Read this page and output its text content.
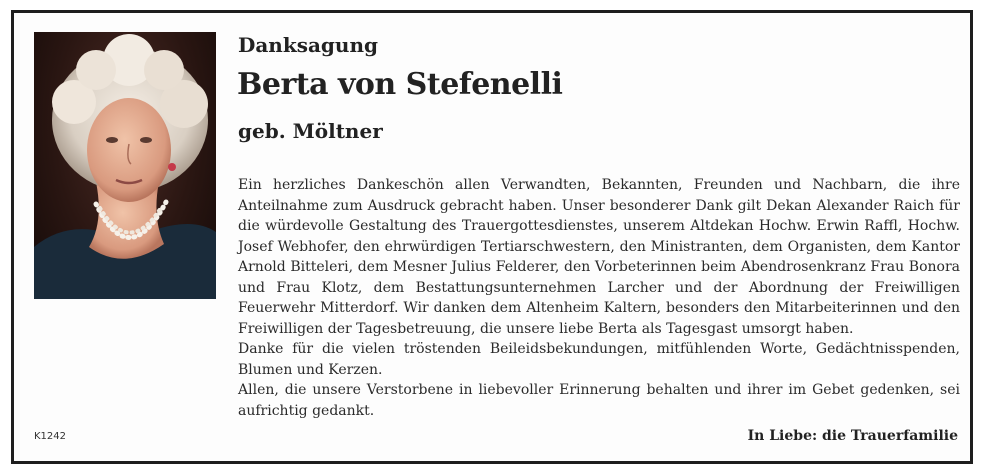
K1242
Danksagung
Berta von Stefenelli
geb. Möltner

Ein herzliches Dankeschön allen Verwandten, Bekannten, Freunden und Nachbarn, die ihre Anteilnahme zum Ausdruck gebracht haben. Unser besonderer Dank gilt Dekan Alexander Raich für die würdevolle Gestaltung des Trauergottesdienstes, unserem Altdekan Hochw. Erwin Raffl, Hochw. Josef Webhofer, den ehrwürdigen Tertiarschwestern, den Ministranten, dem Organisten, dem Kantor Arnold Bitteleri, dem Mesner Julius Felderer, den Vorbeterinnen beim Abendrosenkranz Frau Bonora und Frau Klotz, dem Bestattungsunternehmen Larcher und der Abordnung der Freiwilligen Feuerwehr Mitterdorf. Wir danken dem Altenheim Kaltern, besonders den Mitarbeiterinnen und den Freiwilligen der Tagesbetreuung, die unsere liebe Berta als Tagesgast umsorgt haben.

Danke für die vielen tröstenden Beileidsbekundungen, mitfühlenden Worte, Gedächtnisspenden, Blumen und Kerzen.

Allen, die unsere Verstorbene in liebevoller Erinnerung behalten und ihrer im Gebet gedenken, sei aufrichtig gedankt.

In Liebe: die Trauerfamilie
